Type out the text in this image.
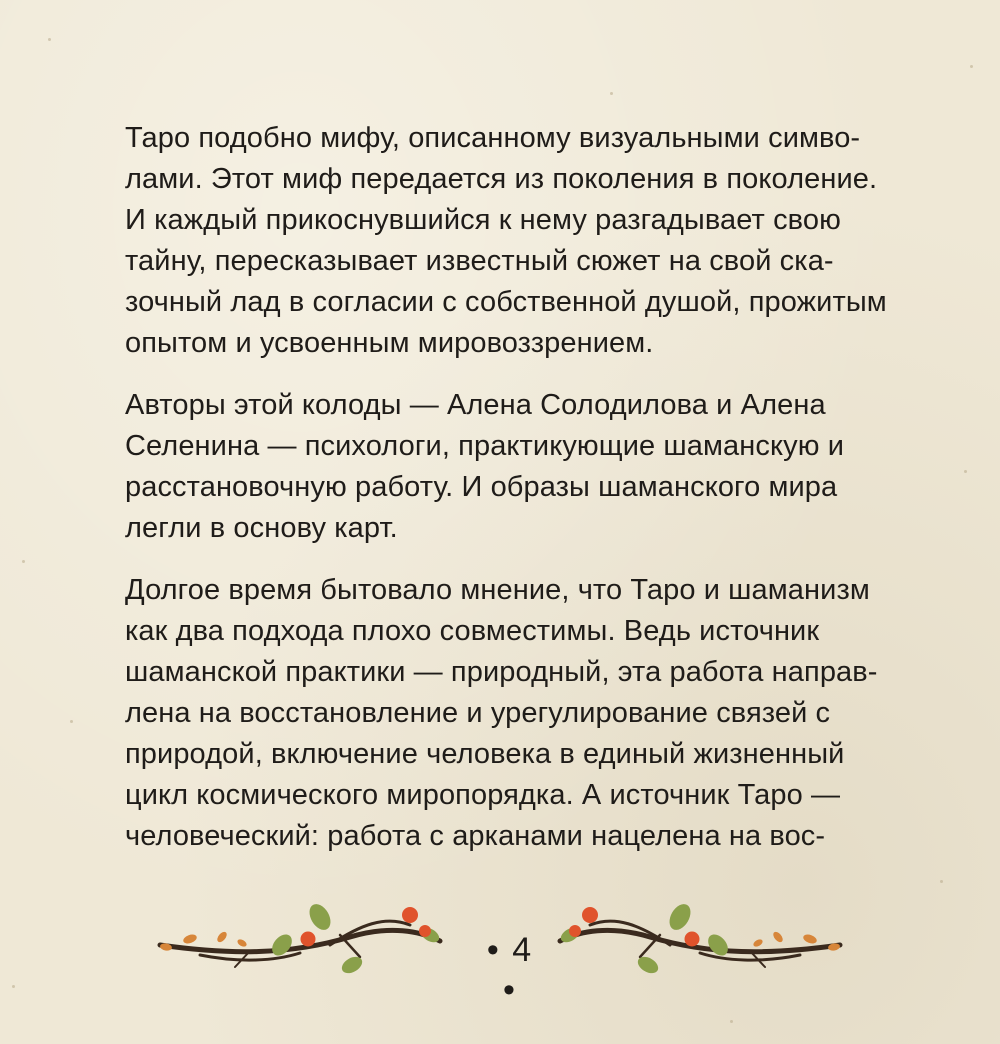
Таро подобно мифу, описанному визуальными симво-
лами. Этот миф передается из поколения в поколение.
И каждый прикоснувшийся к нему разгадывает свою
тайну, пересказывает известный сюжет на свой ска-
зочный лад в согласии с собственной душой, прожитым
опытом и усвоенным мировоззрением.

Авторы этой колоды — Алена Солодилова и Алена
Селенина — психологи, практикующие шаманскую и
расстановочную работу. И образы шаманского мира
легли в основу карт.

Долгое время бытовало мнение, что Таро и шаманизм
как два подхода плохо совместимы. Ведь источник
шаманской практики — природный, эта работа направ-
лена на восстановление и урегулирование связей с
природой, включение человека в единый жизненный
цикл космического миропорядка. А источник Таро —
человеческий: работа с арканами нацелена на вос-

• 4 •
